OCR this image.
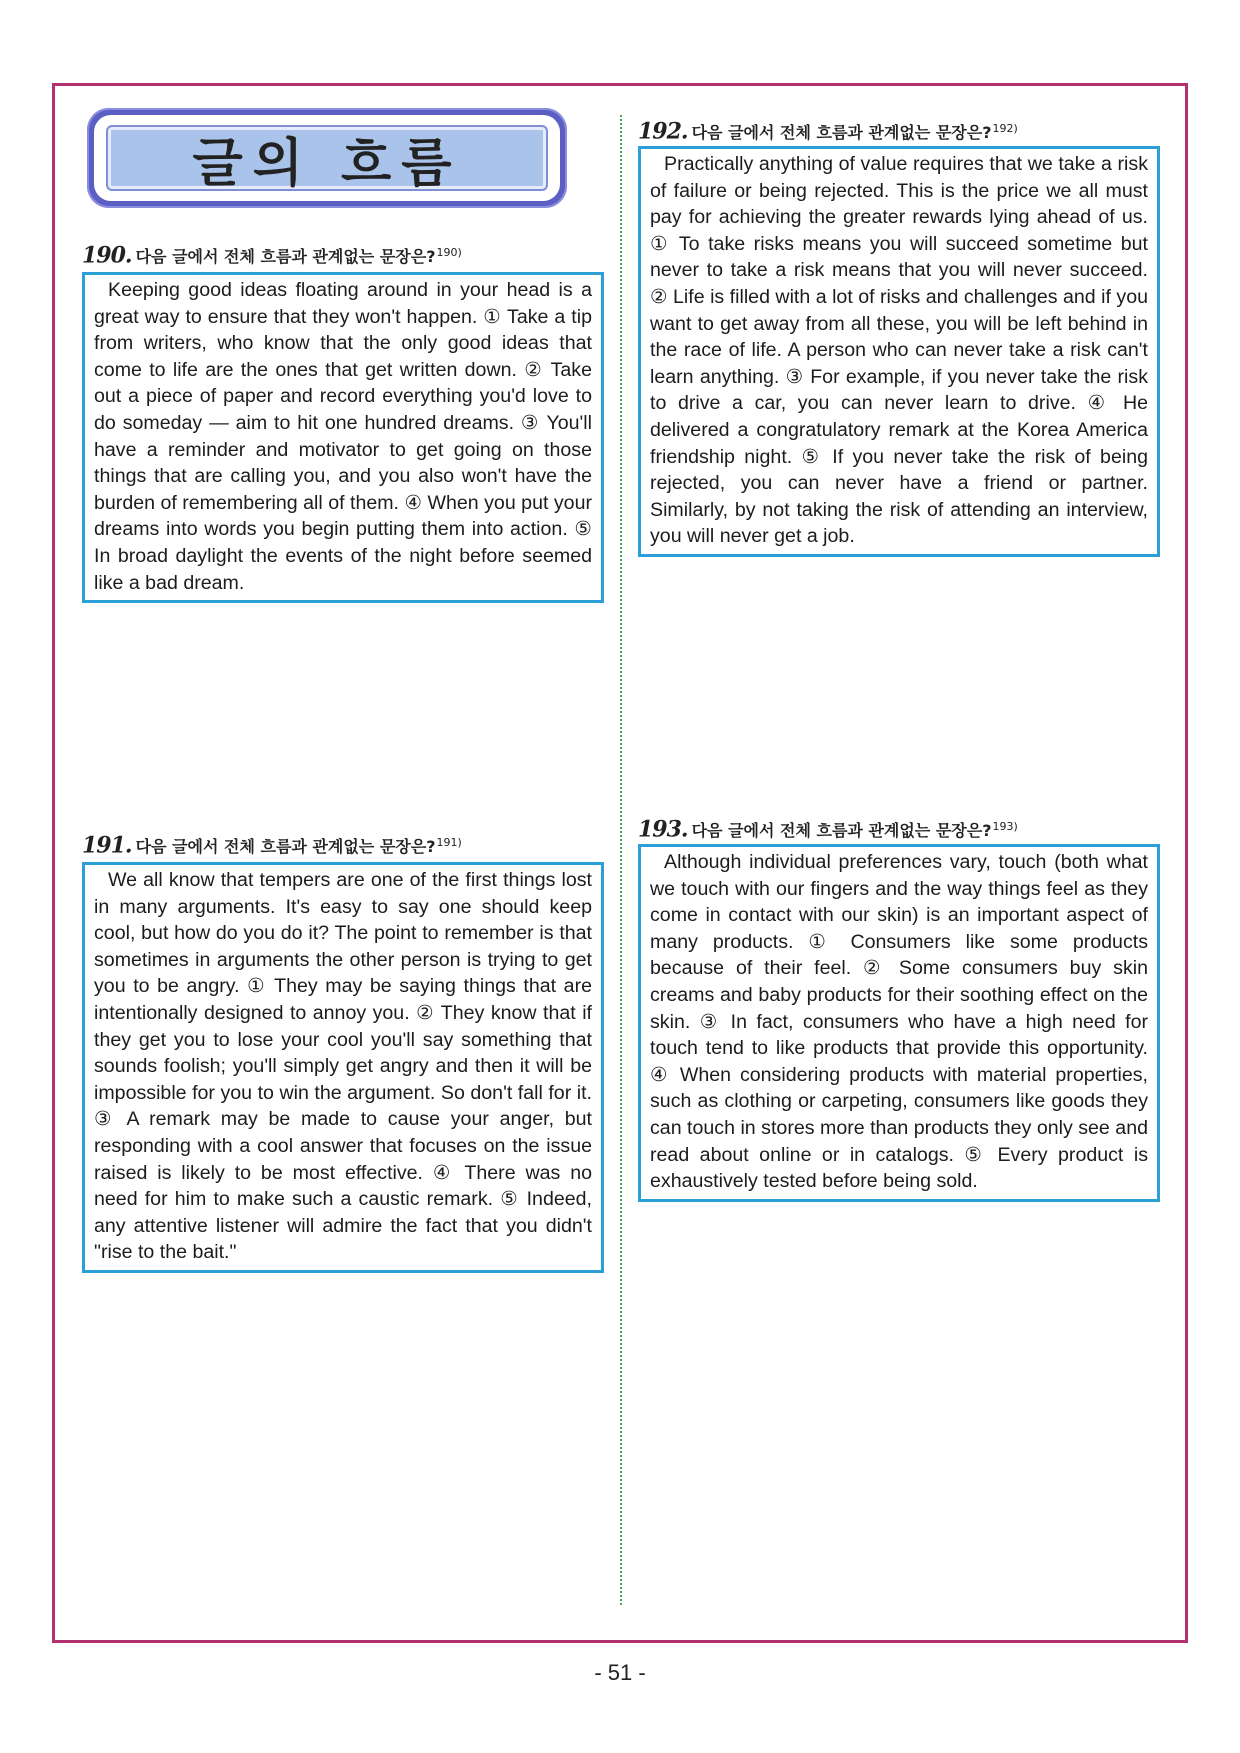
글의 흐름
190. 다음 글에서 전체 흐름과 관계없는 문장은?$^{190)}$
Keeping good ideas floating around in your head is a great way to ensure that they won't happen. ① Take a tip from writers, who know that the only good ideas that come to life are the ones that get written down. ② Take out a piece of paper and record everything you'd love to do someday — aim to hit one hundred dreams. ③ You'll have a reminder and motivator to get going on those things that are calling you, and you also won't have the burden of remembering all of them. ④ When you put your dreams into words you begin putting them into action. ⑤ In broad daylight the events of the night before seemed like a bad dream.
191. 다음 글에서 전체 흐름과 관계없는 문장은?$^{191)}$
We all know that tempers are one of the first things lost in many arguments. It's easy to say one should keep cool, but how do you do it? The point to remember is that sometimes in arguments the other person is trying to get you to be angry. ① They may be saying things that are intentionally designed to annoy you. ② They know that if they get you to lose your cool you'll say something that sounds foolish; you'll simply get angry and then it will be impossible for you to win the argument. So don't fall for it. ③ A remark may be made to cause your anger, but responding with a cool answer that focuses on the issue raised is likely to be most effective. ④ There was no need for him to make such a caustic remark. ⑤ Indeed, any attentive listener will admire the fact that you didn't "rise to the bait."
192. 다음 글에서 전체 흐름과 관계없는 문장은?$^{192)}$
Practically anything of value requires that we take a risk of failure or being rejected. This is the price we all must pay for achieving the greater rewards lying ahead of us. ① To take risks means you will succeed sometime but never to take a risk means that you will never succeed. ② Life is filled with a lot of risks and challenges and if you want to get away from all these, you will be left behind in the race of life. A person who can never take a risk can't learn anything. ③ For example, if you never take the risk to drive a car, you can never learn to drive. ④ He delivered a congratulatory remark at the Korea America friendship night. ⑤ If you never take the risk of being rejected, you can never have a friend or partner. Similarly, by not taking the risk of attending an interview, you will never get a job.
193. 다음 글에서 전체 흐름과 관계없는 문장은?$^{193)}$
Although individual preferences vary, touch (both what we touch with our fingers and the way things feel as they come in contact with our skin) is an important aspect of many products. ① Consumers like some products because of their feel. ② Some consumers buy skin creams and baby products for their soothing effect on the skin. ③ In fact, consumers who have a high need for touch tend to like products that provide this opportunity. ④ When considering products with material properties, such as clothing or carpeting, consumers like goods they can touch in stores more than products they only see and read about online or in catalogs. ⑤ Every product is exhaustively tested before being sold.
- 51 -
